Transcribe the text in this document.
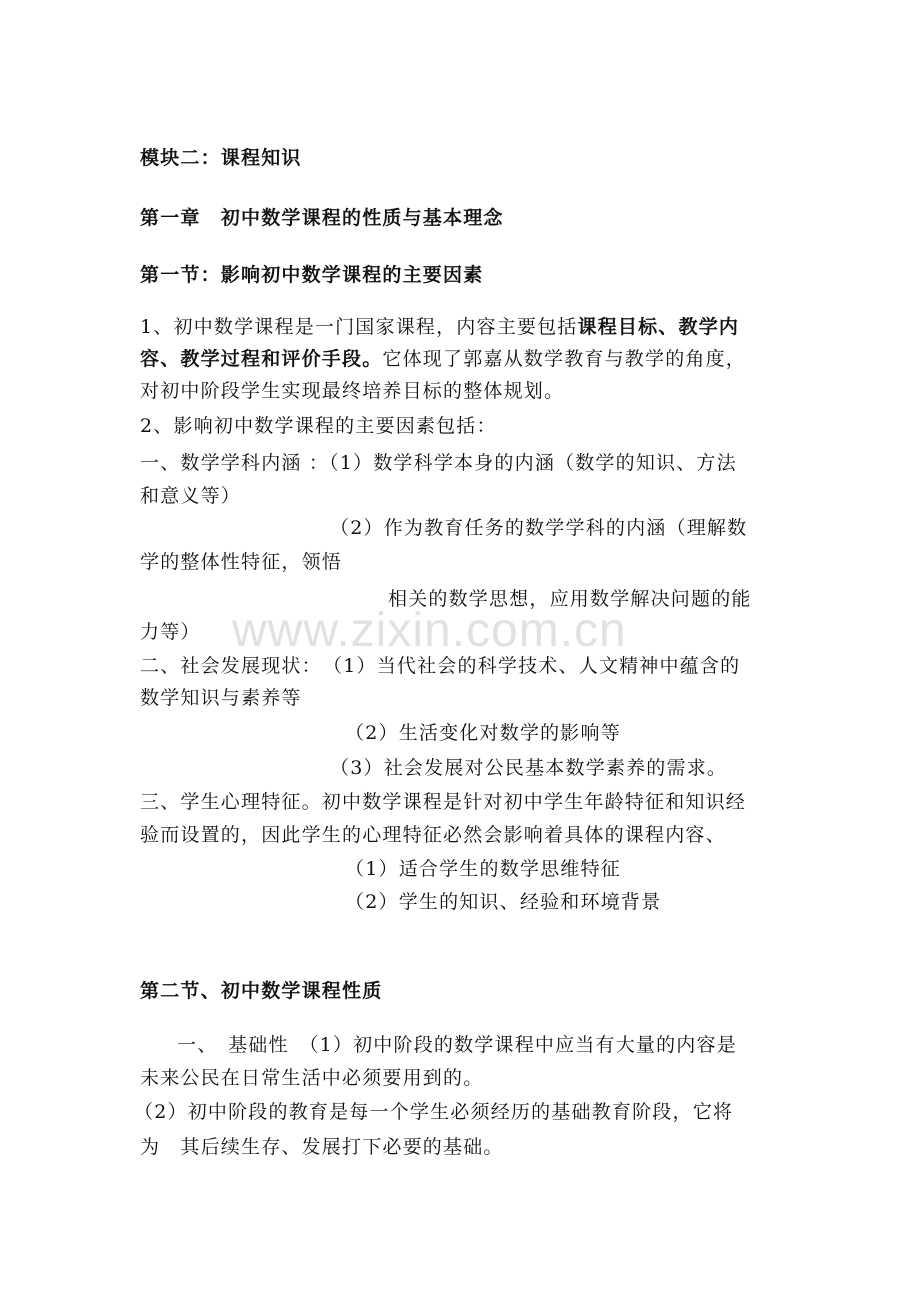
模块二：课程知识
第一章　初中数学课程的性质与基本理念
第一节：影响初中数学课程的主要因素
1、初中数学课程是一门国家课程，内容主要包括课程目标、教学内
容、教学过程和评价手段。它体现了郭嘉从数学教育与教学的角度，
对初中阶段学生实现最终培养目标的整体规划。
2、影响初中数学课程的主要因素包括：
一、数学学科内涵 ：（1）数学科学本身的内涵（数学的知识、方法
和意义等）
（2）作为教育任务的数学学科的内涵（理解数
学的整体性特征，领悟
相关的数学思想，应用数学解决问题的能
力等）
二、社会发展现状：　（1）当代社会的科学技术、人文精神中蕴含的
数学知识与素养等
（2）生活变化对数学的影响等
（3）社会发展对公民基本数学素养的需求。
三、学生心理特征。初中数学课程是针对初中学生年龄特征和知识经
验而设置的，因此学生的心理特征必然会影响着具体的课程内容、
（1）适合学生的数学思维特征
（2）学生的知识、经验和环境背景
第二节、初中数学课程性质
一、　基础性　（1）初中阶段的数学课程中应当有大量的内容是
未来公民在日常生活中必须要用到的。
（2）初中阶段的教育是每一个学生必须经历的基础教育阶段，它将
为　其后续生存、发展打下必要的基础。
www.zixin.com.cn
